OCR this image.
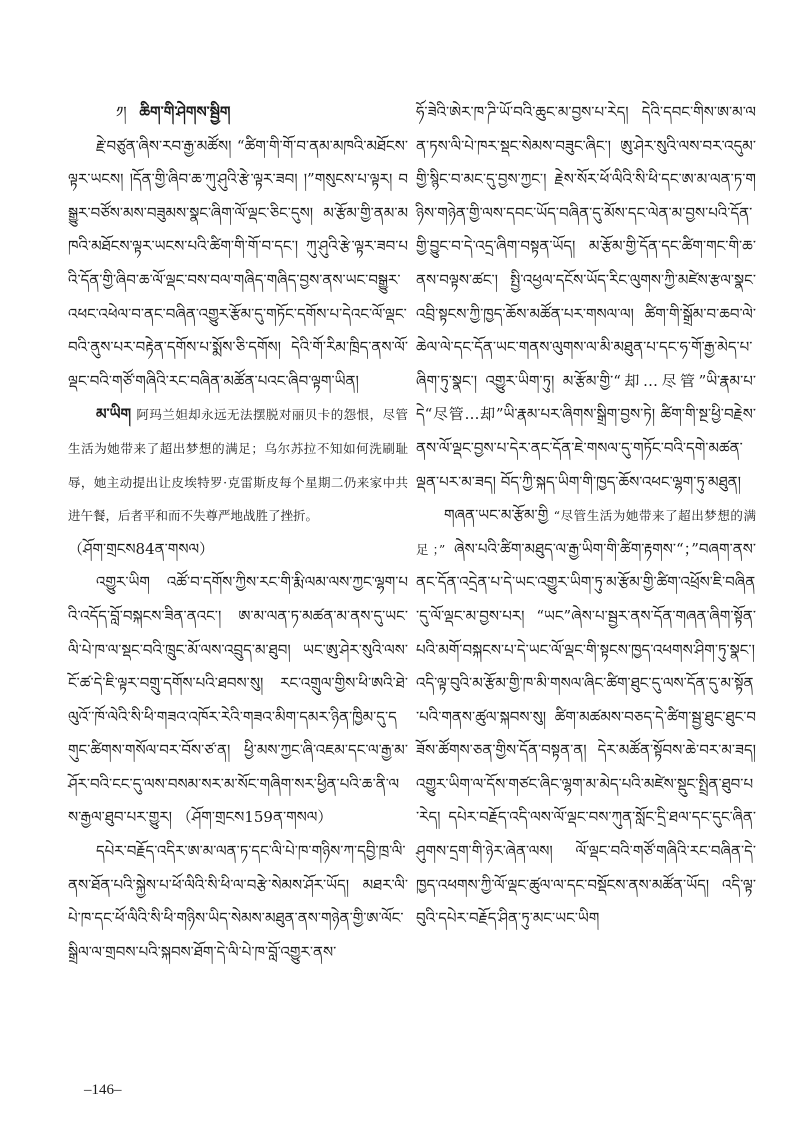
༡། ཆིག་གི་ཤེགས་སྦྱིག

རྗེ་བཙུན་ཞིས་རབ་རྒྱ་མཚོས། “ཚིག་གི་གོ་བ་ནམ་མཁའི་མཐོངས་ལྟར་ཡངས། །དོན་གྱི་ཞིབ་ཆ་ཀུ་ཤུའི་རྩེ་ལྟར་ཟབ། །”གསུངས་པ་ལྟར། བསྒྱུར་བཙོས་མས་བཟུམས་སྣང་ཞིག་ལོ་ལྡང་ཅིང་དུས། མ་རྩོམ་གྱི་ནམ་མཁའི་མཐོངས་ལྟར་ཡངས་པའི་ཚིག་གི་གོ་བ་དང་། ཀུ་ཤུའི་རྩེ་ལྟར་ཟབ་པའི་དོན་གྱི་ཞིབ་ཆ་ལོ་ལྡང་བས་བལ་གཞིད་གཞིད་བྱས་ནས་ཡང་བསྒྱུར་འཕང་འཕེལ་བ་ནང་བཞིན་འགྱུར་རྩོམ་དུ་གཏོང་དགོས་པ་དེའང་ལོ་ལྡང་བའི་ནུས་པར་བརྟེན་དགོས་པ་སྨོས་ཅི་དགོས། དེའི་གོ་རིམ་ཁྲིད་ནས་ལོ་ལྡང་བའི་གཙོ་གཞིའི་རང་བཞིན་མཚོན་པའང་ཞིབ་ལྟག་ཡིན།

མ་ཡིག 阿玛兰妲却永远无法摆脱对丽贝卡的怨恨，尽管生活为她带来了超出梦想的满足；乌尔苏拉不知如何洗刷耻辱，她主动提出让皮埃特罗·克雷斯皮每个星期二仍来家中共进午餐，后者平和而不失尊严地战胜了挫折。

（ཤོག་གྲངས84ན་གསལ）

འགྱུར་ཡིག འཚོ་བ་དགོས་ཀྱིས་རང་གི་རྨི་ལམ་ལས་ཀྱང་ལྷག་པའི་འདོད་བློ་བསྐངས་ཟིན་ནའང་། ཨ་མ་ལན་ཏ་མཚན་མ་ནས་དུ་ཡང་ལི་པེ་ཁ་ལ་སྡང་བའི་ཁྲུང་མོ་ལས་འབྲུད་མ་ཐུབ། ཡང་ཨུ་ཤེར་སུའི་ལས་ངོ་ཚ་དེ་ཇི་ལྟར་བགྲུ་དགོས་པའི་ཐབས་སུ། རང་འགྲུལ་གྱིས་ཕི་ཨའི་ཐེ་ལུའོ་་ཁོ་ལེའི་སི་ཕི་གཟའ་འཁོར་རེའི་གཟའ་མིག་དམར་ཉིན་ཁྱིམ་དུ་དགུང་ཚིགས་གསོལ་བར་བོས་ཙ་ན། ཕྱི་མས་ཀྱང་ཞི་འཇམ་དང་ལ་རྒྱ་མ་ཤོར་བའི་ངང་དུ་ལས་བསམ་སར་མ་སོང་གཞིག་སར་ཕྱིན་པའི་ཆ་ནི་ལས་རྒྱལ་ཐུབ་པར་གྱུར། （ཤོག་གྲངས159ན་གསལ）

དཔེར་བརྗོད་འདིར་ཨ་མ་ལན་ཏ་དང་ལི་པེ་ཁ་གཉིས་ཀ་དབྱི་ཁྲ་ལི་ནས་ཐོན་པའི་སྐྱེས་པ་ཕོ་ལིའི་སི་ཕི་ལ་བརྩེ་སེམས་ཤོར་ཡོད། མཐར་ལི་པེ་ཁ་དང་ཕོ་ལིའི་སི་ཕི་གཉིས་ཡིད་སེམས་མཐུན་ནས་གཉེན་གྱི་ཨ་ལོང་སྒྲིལ་ལ་གྲབས་པའི་སྐབས་ཐོག་དེ་ལི་པེ་ཁ་བློ་འགྱུར་ནས་

ཧོ་ཟེའི་ཨེར་ཁ་ཌི་ཡོ་བའི་ཆུང་མ་བྱས་པ་རེད། དེའི་དབང་གིས་ཨ་མ་ལན་ཏས་ལི་པེ་ཁར་སྡང་སེམས་བཟུང་ཞིང་། ཨུ་ཤེར་སུའི་ལས་བར་འདུམ་གྱི་སྙིང་བ་མང་དུ་བྱས་ཀྱང་། རྗེས་སོར་ཕོ་ལིའི་སི་ཕི་དང་ཨ་མ་ལན་ཏ་གཉིས་གཉེན་གྱི་ལས་དབང་ཡོད་བཞིན་དུ་མོས་དང་ལེན་མ་བྱས་པའི་དོན་གྱི་བྱུང་བ་དེ་འདྲ་ཞིག་བསྟན་ཡོད། མ་རྩོམ་གྱི་དོན་དང་ཚིག་གང་གི་ཆ་ནས་བལྟས་ཚང་། སྤྱི་འཕྱལ་དངོས་ཡོད་རིང་ལུགས་ཀྱི་མཛེས་རྩལ་སྣང་འབྲི་སྟངས་ཀྱི་ཁྱད་ཆོས་མཚོན་པར་གསལ་ལ། ཚིག་གི་སྒྲོམ་བ་ཆབ་ལེ་ཆེལ་ལེ་དང་དོན་ཡང་གནས་ལུགས་ལ་མི་མཐུན་པ་དང་ཧ་གོ་རྒྱ་མེད་པ་ཞིག་ཏུ་སྣང་། འགྱུར་ཡིག་ཏུ། མ་རྩོམ་གྱི་“却…尽管”ཡི་རྣམ་པ་དེ“尽管…却”ཡི་རྣམ་པར་ཞིགས་སྒྲིག་བྱས་ཏེ། ཚིག་གི་སྔ་ཕྱི་བརྗེས་ནས་ལོ་ལྡང་བྱས་པ་དེར་ནང་དོན་ཇེ་གསལ་དུ་གཏོང་བའི་དགེ་མཚན་ལྡན་པར་མ་ཟད། བོད་ཀྱི་སྐད་ཡིག་གི་ཁྱད་ཆོས་འཕང་ལྷག་ཏུ་མཐུན།

གཞན་ཡང་མ་རྩོམ་གྱི “尽管生活为她带来了超出梦想的满足；” ཞེས་པའི་ཚིག་མཐུད་ལ་རྒྱ་ཡིག་གི་ཚིག་རྟགས་“；”བཞག་ནས་ནང་དོན་འདྲེན་པ་དེ་ཡང་འགྱུར་ཡིག་ཏུ་མ་རྩོམ་གྱི་ཚིག་འཕྲོས་ཇི་བཞིན་དུ་ལོ་ལྡང་མ་བྱས་པར། “ཡང”ཞེས་པ་སྦྱར་ནས་དོན་གཞན་ཞིག་སྟོན་པའི་མགོ་བསྐངས་པ་དེ་ཡང་ལོ་ལྡང་གི་སྟངས་ཁྱད་འཕགས་ཤིག་ཏུ་སྣང་། འདི་ལྟ་བུའི་མ་རྩོམ་གྱི་ཁ་མི་གསལ་ཞིང་ཚིག་ཐུང་དུ་ལས་དོན་དུ་མ་སྟོན་པའི་གནས་ཚུལ་སྐབས་སུ། ཚིག་མཚམས་བཅད་དེ་ཚིག་སྦྱ་ཐུང་ཐུང་བཟོས་ཚོགས་ཅན་གྱིས་དོན་བསྟན་ན། དེར་མཚོན་སྟོབས་ཆེ་བར་མ་ཟད། འགྱུར་ཡིག་ལ་དོས་གཙང་ཞིང་ལྷག་མ་མེད་པའི་མཛེས་སྡུང་སྤྲིན་ཐུབ་པ་རེད། དཔེར་བརྗོད་འདི་ལས་ལོ་ལྡང་བས་ཀུན་སློང་དྲི་ཐལ་དང་དུང་ཞིན་ཤུགས་དྲག་གི་ཉེར་ཞེན་ལས། ལོ་ལྡང་བའི་གཙོ་གཞིའི་རང་བཞིན་དེ་ཁྱད་འཕགས་ཀྱི་ལོ་ལྡང་ཚུལ་ལ་དང་བསྡོངས་ནས་མཚོན་ཡོད། འདི་ལྟ་བུའི་དཔེར་བརྗོད་ཤིན་ཏུ་མང་ཡང་ཡིག

–146–
